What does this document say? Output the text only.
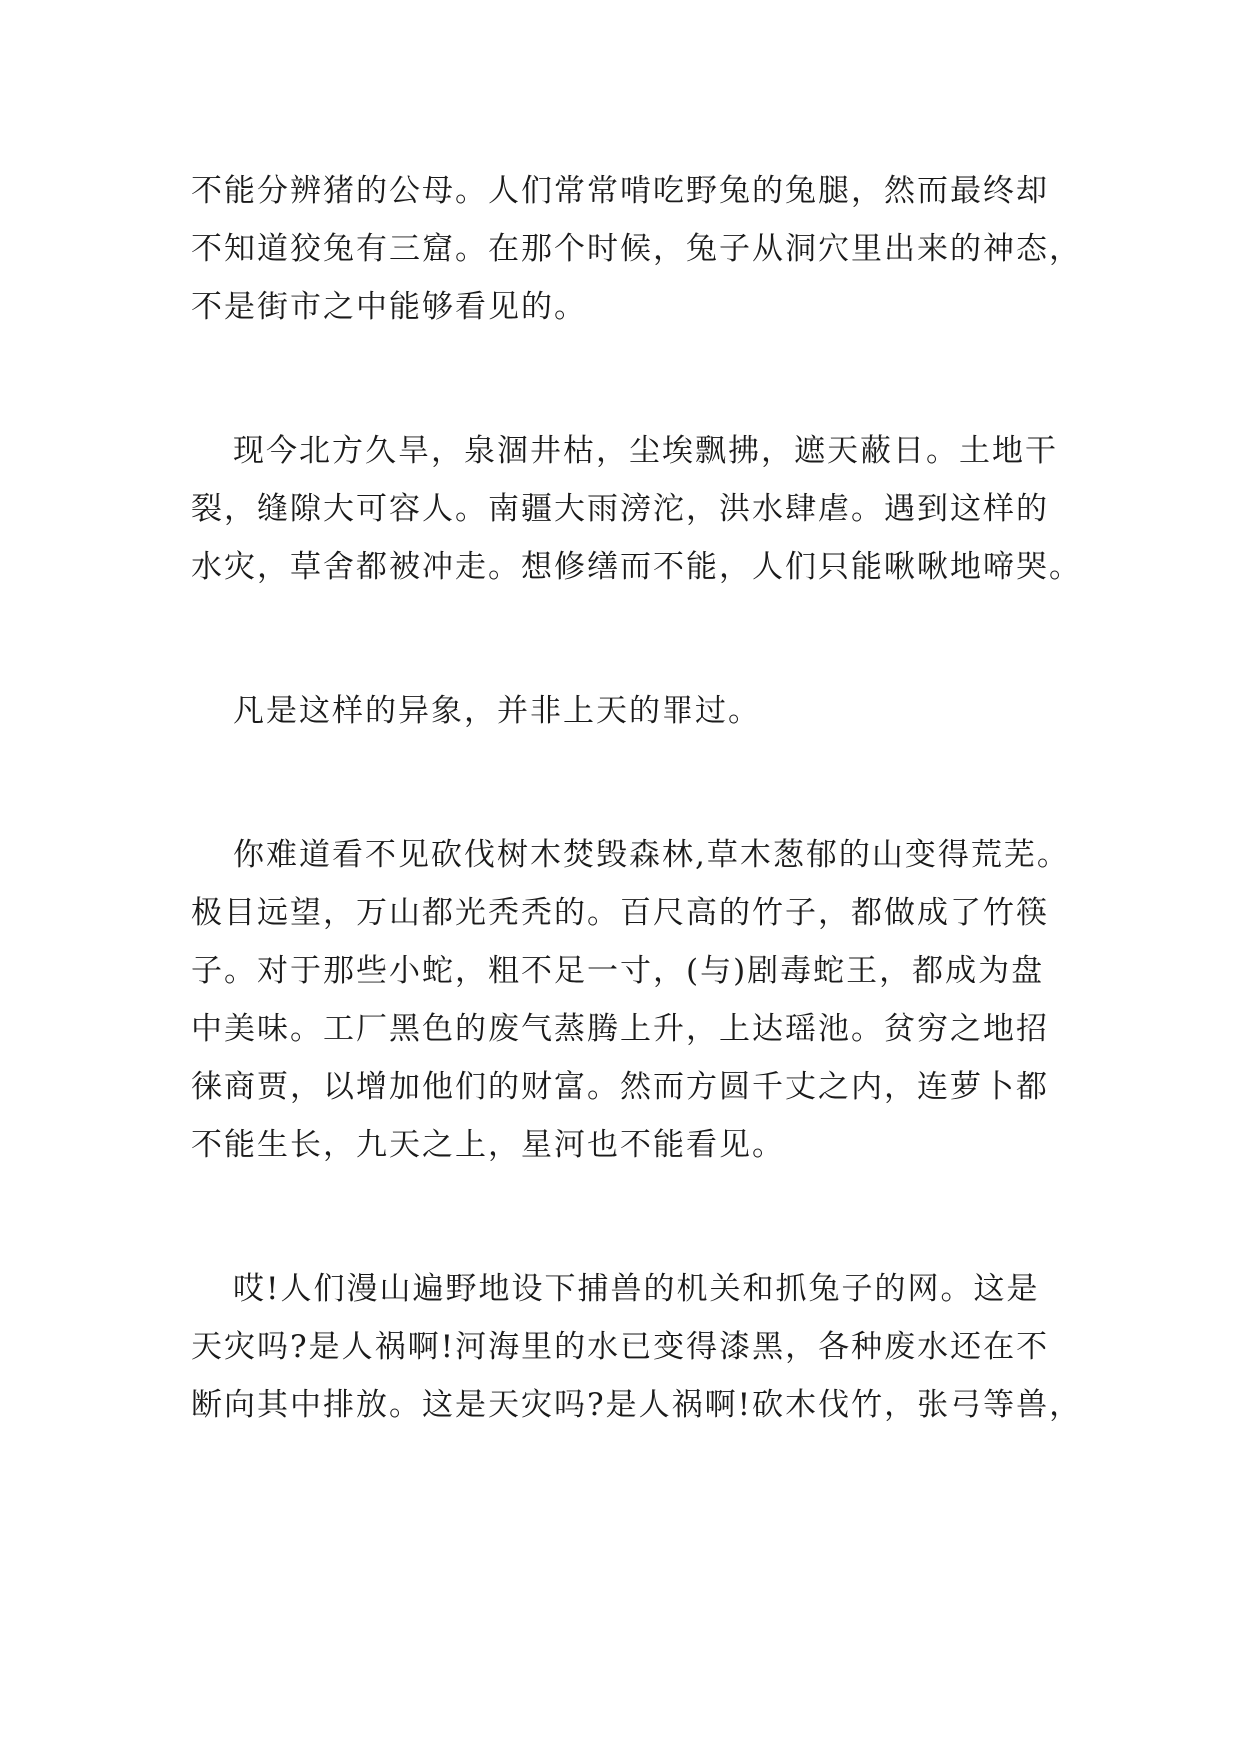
不能分辨猪的公母。人们常常啃吃野兔的兔腿，然而最终却
不知道狡兔有三窟。在那个时候，兔子从洞穴里出来的神态，
不是街市之中能够看见的。
现今北方久旱，泉涸井枯，尘埃飘拂，遮天蔽日。土地干
裂，缝隙大可容人。南疆大雨滂沱，洪水肆虐。遇到这样的
水灾，草舍都被冲走。想修缮而不能，人们只能啾啾地啼哭。
凡是这样的异象，并非上天的罪过。
你难道看不见砍伐树木焚毁森林,草木葱郁的山变得荒芜。
极目远望，万山都光秃秃的。百尺高的竹子，都做成了竹筷
子。对于那些小蛇，粗不足一寸，(与)剧毒蛇王，都成为盘
中美味。工厂黑色的废气蒸腾上升，上达瑶池。贫穷之地招
徕商贾，以增加他们的财富。然而方圆千丈之内，连萝卜都
不能生长，九天之上，星河也不能看见。
哎!人们漫山遍野地设下捕兽的机关和抓兔子的网。这是
天灾吗?是人祸啊!河海里的水已变得漆黑，各种废水还在不
断向其中排放。这是天灾吗?是人祸啊!砍木伐竹，张弓等兽，
